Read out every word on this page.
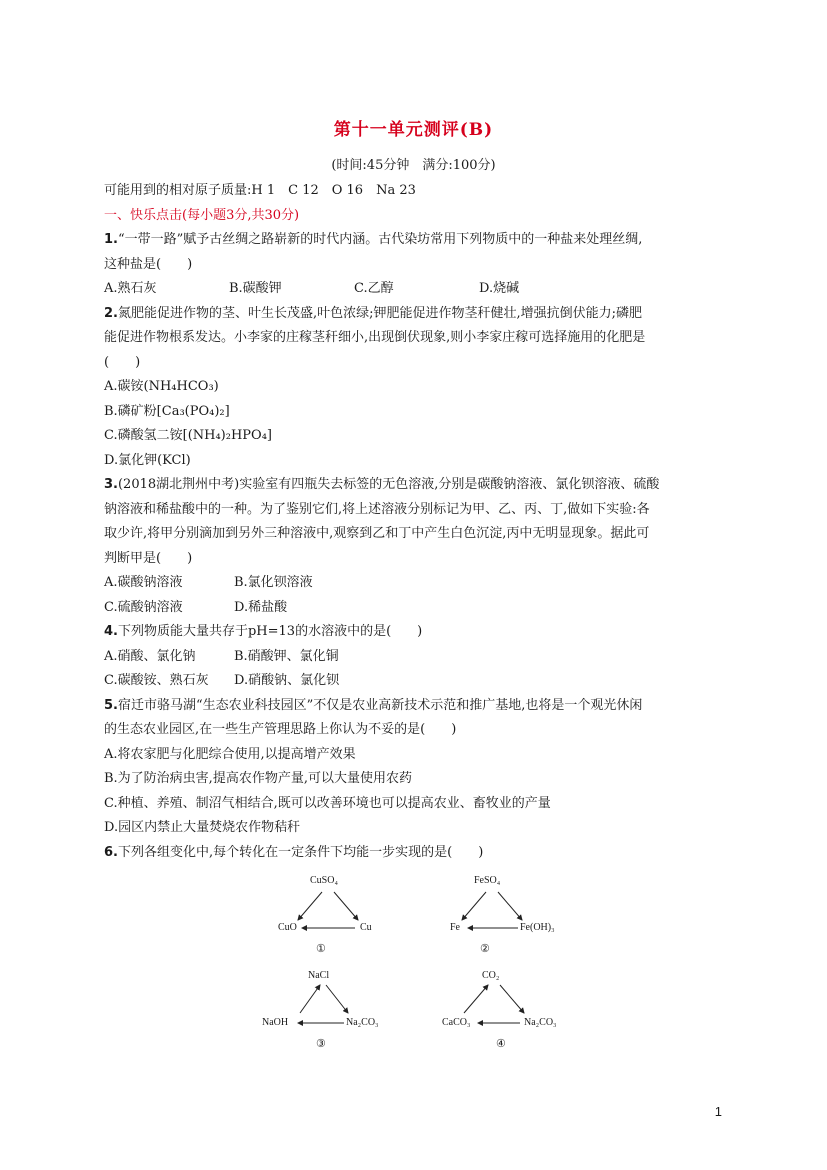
第十一单元测评(B)
(时间:45分钟　满分:100分)
可能用到的相对原子质量:H 1　C 12　O 16　Na 23
一、快乐点击(每小题3分,共30分)
1.“一带一路”赋予古丝绸之路崭新的时代内涵。古代染坊常用下列物质中的一种盐来处理丝绸,
这种盐是(　　)
A.熟石灰	B.碳酸钾	C.乙醇	D.烧碱
2.氮肥能促进作物的茎、叶生长茂盛,叶色浓绿;钾肥能促进作物茎秆健壮,增强抗倒伏能力;磷肥
能促进作物根系发达。小李家的庄稼茎秆细小,出现倒伏现象,则小李家庄稼可选择施用的化肥是
(　　)
A.碳铵(NH₄HCO₃)
B.磷矿粉[Ca₃(PO₄)₂]
C.磷酸氢二铵[(NH₄)₂HPO₄]
D.氯化钾(KCl)
3.(2018湖北荆州中考)实验室有四瓶失去标签的无色溶液,分别是碳酸钠溶液、氯化钡溶液、硫酸
钠溶液和稀盐酸中的一种。为了鉴别它们,将上述溶液分别标记为甲、乙、丙、丁,做如下实验:各
取少许,将甲分别滴加到另外三种溶液中,观察到乙和丁中产生白色沉淀,丙中无明显现象。据此可
判断甲是(　　)
A.碳酸钠溶液	B.氯化钡溶液
C.硫酸钠溶液	D.稀盐酸
4.下列物质能大量共存于pH=13的水溶液中的是(　　)
A.硝酸、氯化钠	B.硝酸钾、氯化铜
C.碳酸铵、熟石灰	D.硝酸钠、氯化钡
5.宿迁市骆马湖“生态农业科技园区”不仅是农业高新技术示范和推广基地,也将是一个观光休闲
的生态农业园区,在一些生产管理思路上你认为不妥的是(　　)
A.将农家肥与化肥综合使用,以提高增产效果
B.为了防治病虫害,提高农作物产量,可以大量使用农药
C.种植、养殖、制沼气相结合,既可以改善环境也可以提高农业、畜牧业的产量
D.园区内禁止大量焚烧农作物秸秆
6.下列各组变化中,每个转化在一定条件下均能一步实现的是(　　)
CuSO₄
CuO	Cu
①
FeSO₄
Fe	Fe(OH)₃
②
NaCl
NaOH	Na₂CO₃
③
CO₂
CaCO₃	Na₂CO₃
④
1
